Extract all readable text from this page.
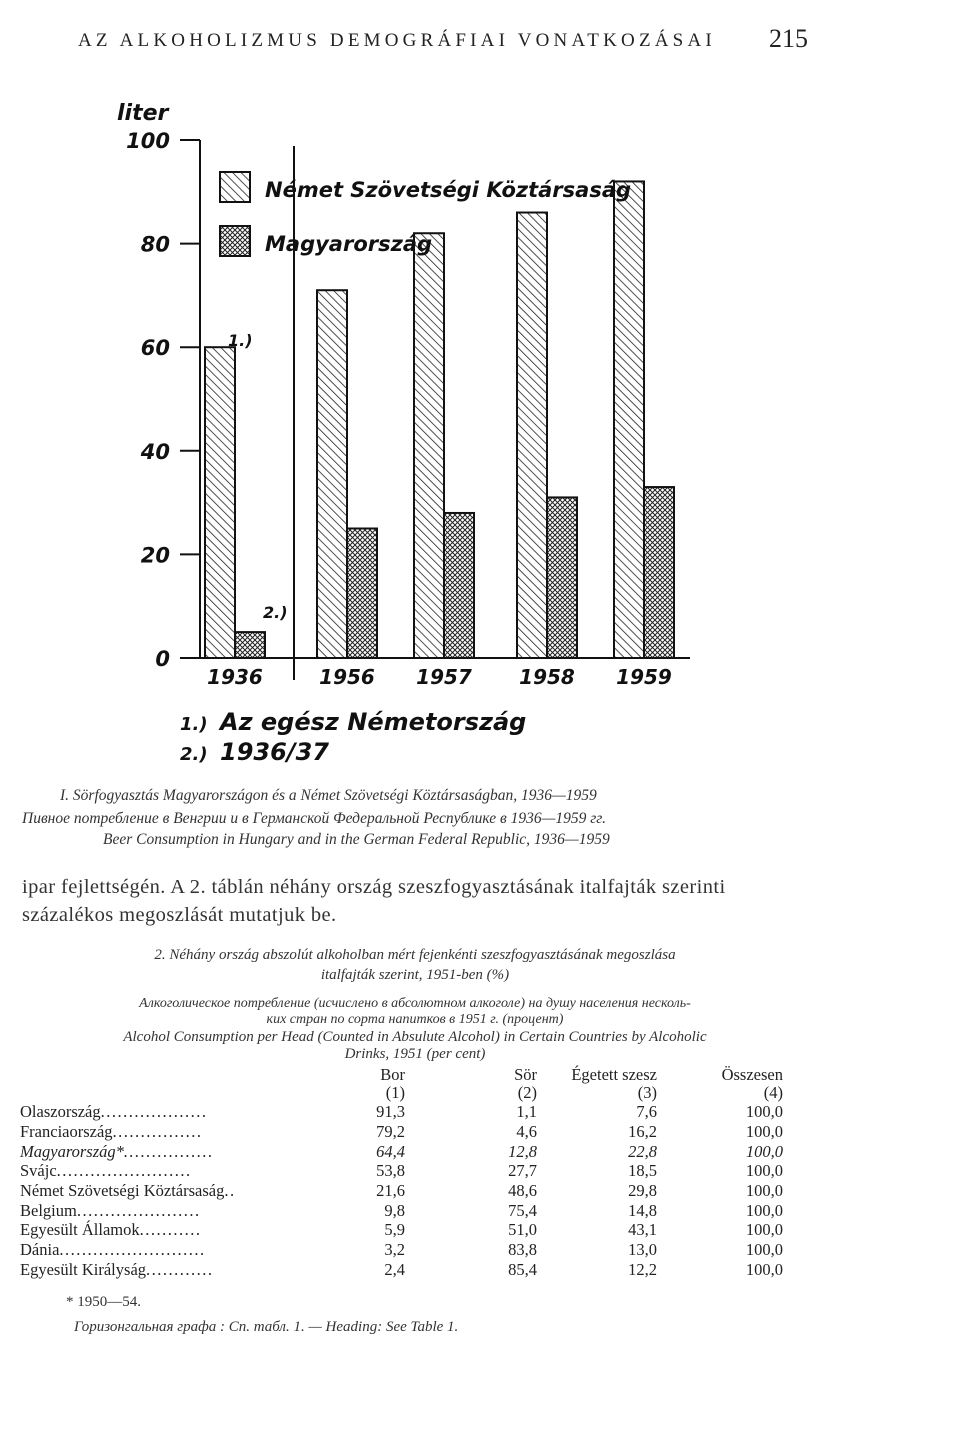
AZ ALKOHOLIZMUS DEMOGRÁFIAI VONATKOZÁSAI 215
liter
100
80
60
40
20
0
1936	1956 1957 1958 1959
Német Szövetségi Köztársaság
Magyarország
1.)
2.)
1.) Az egész Németország
2.) 1936/37
I. Sörfogyasztás Magyarországon és a Német Szövetségi Köztársaságban, 1936—1959
Пивное потребление в Венгрии и в Германской Федеральной Республике в 1936—1959 гг.
Beer Consumption in Hungary and in the German Federal Republic, 1936—1959
ipar fejlettségén. A 2. táblán néhány ország szeszfogyasztásának italfajták szerinti százalékos megoszlását mutatjuk be.
2. Néhány ország abszolút alkoholban mért fejenkénti szeszfogyasztásának megoszlása
italfajták szerint, 1951-ben (%)
Алкоголическое потребление (исчислено в абсолютном алкоголе) на душу населения несколь-
ких стран по сорта напитков в 1951 г. (процент)
Alcohol Consumption per Head (Counted in Absulute Alcohol) in Certain Countries by Alcoholic
Drinks, 1951 (per cent)
	Bor	Sör	Égetett szesz	Összesen
	(1)	(2)	(3)	(4)
Olaszország...................	91,3	1,1	7,6	100,0
Franciaország................	79,2	4,6	16,2	100,0
Magyarország*................	64,4	12,8	22,8	100,0
Svájc........................	53,8	27,7	18,5	100,0
Német Szövetségi Köztársaság..	21,6	48,6	29,8	100,0
Belgium......................	9,8	75,4	14,8	100,0
Egyesült Államok...........	5,9	51,0	43,1	100,0
Dánia..........................	3,2	83,8	13,0	100,0
Egyesült Királyság............	2,4	85,4	12,2	100,0
* 1950—54.
Горизонгальная графа : Сп. табл. 1. — Heading: See Table 1.
